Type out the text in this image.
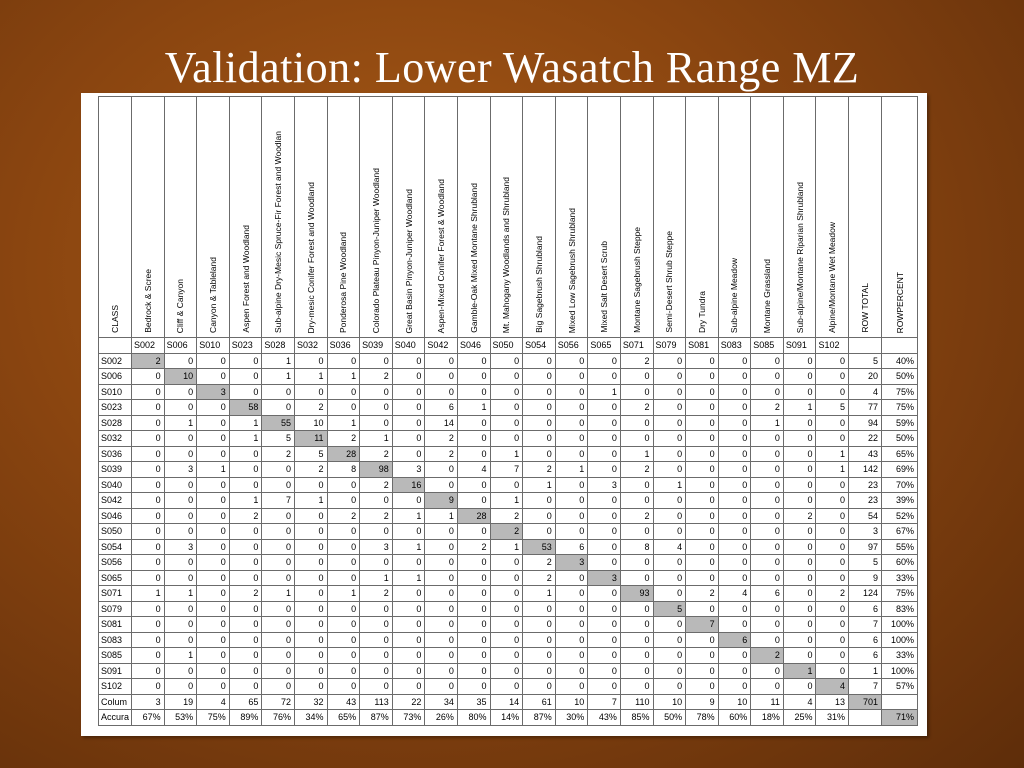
Validation: Lower Wasatch Range MZ
CLASS	Bedrock & Scree	Cliff & Canyon	Canyon & Tableland	Aspen Forest and Woodland	Sub-alpine Dry-Mesic Spruce-Fir Forest and Woodlan	Dry-mesic Conifer Forest and Woodland	Ponderosa Pine Woodland	Colorado Plateau Pinyon-Juniper Woodland	Great Basin Pinyon-Juniper Woodland	Aspen-Mixed Conifer Forest & Woodland	Gamble-Oak Mixed Montane Shrubland	Mt. Mahogany Woodlands and Shrubland	Big Sagebrush Shrubland	Mixed Low Sagebrush Shrubland	Mixed Salt Desert Scrub	Montane Sagebrush Steppe	Semi-Desert Shrub Steppe	Dry Tundra	Sub-alpine Meadow	Montane Grassland	Sub-alpine/Montane Riparian Shrubland	Alpine/Montane Wet Meadow	ROW TOTAL	ROWPERCENT

	S002	S006	S010	S023	S028	S032	S036	S039	S040	S042	S046	S050	S054	S056	S065	S071	S079	S081	S083	S085	S091	S102		
S002	2	0	0	0	1	0	0	0	0	0	0	0	0	0	0	2	0	0	0	0	0	0	5	40%
S006	0	10	0	0	1	1	1	2	0	0	0	0	0	0	0	0	0	0	0	0	0	0	20	50%
S010	0	0	3	0	0	0	0	0	0	0	0	0	0	0	1	0	0	0	0	0	0	0	4	75%
S023	0	0	0	58	0	2	0	0	0	6	1	0	0	0	0	2	0	0	0	2	1	5	77	75%
S028	0	1	0	1	55	10	1	0	0	14	0	0	0	0	0	0	0	0	0	1	0	0	94	59%
S032	0	0	0	1	5	11	2	1	0	2	0	0	0	0	0	0	0	0	0	0	0	0	22	50%
S036	0	0	0	0	2	5	28	2	0	2	0	1	0	0	0	1	0	0	0	0	0	1	43	65%
S039	0	3	1	0	0	2	8	98	3	0	4	7	2	1	0	2	0	0	0	0	0	1	142	69%
S040	0	0	0	0	0	0	0	2	16	0	0	0	1	0	3	0	1	0	0	0	0	0	23	70%
S042	0	0	0	1	7	1	0	0	0	9	0	1	0	0	0	0	0	0	0	0	0	0	23	39%
S046	0	0	0	2	0	0	2	2	1	1	28	2	0	0	0	2	0	0	0	0	2	0	54	52%
S050	0	0	0	0	0	0	0	0	0	0	0	2	0	0	0	0	0	0	0	0	0	0	3	67%
S054	0	3	0	0	0	0	0	3	1	0	2	1	53	6	0	8	4	0	0	0	0	0	97	55%
S056	0	0	0	0	0	0	0	0	0	0	0	0	2	3	0	0	0	0	0	0	0	0	5	60%
S065	0	0	0	0	0	0	0	1	1	0	0	0	2	0	3	0	0	0	0	0	0	0	9	33%
S071	1	1	0	2	1	0	1	2	0	0	0	0	1	0	0	93	0	2	4	6	0	2	124	75%
S079	0	0	0	0	0	0	0	0	0	0	0	0	0	0	0	0	5	0	0	0	0	0	6	83%
S081	0	0	0	0	0	0	0	0	0	0	0	0	0	0	0	0	0	7	0	0	0	0	7	100%
S083	0	0	0	0	0	0	0	0	0	0	0	0	0	0	0	0	0	0	6	0	0	0	6	100%
S085	0	1	0	0	0	0	0	0	0	0	0	0	0	0	0	0	0	0	0	2	0	0	6	33%
S091	0	0	0	0	0	0	0	0	0	0	0	0	0	0	0	0	0	0	0	0	1	0	1	100%
S102	0	0	0	0	0	0	0	0	0	0	0	0	0	0	0	0	0	0	0	0	0	4	7	57%
Colum	3	19	4	65	72	32	43	113	22	34	35	14	61	10	7	110	10	9	10	11	4	13	701	
Accura	67%	53%	75%	89%	76%	34%	65%	87%	73%	26%	80%	14%	87%	30%	43%	85%	50%	78%	60%	18%	25%	31%		71%
